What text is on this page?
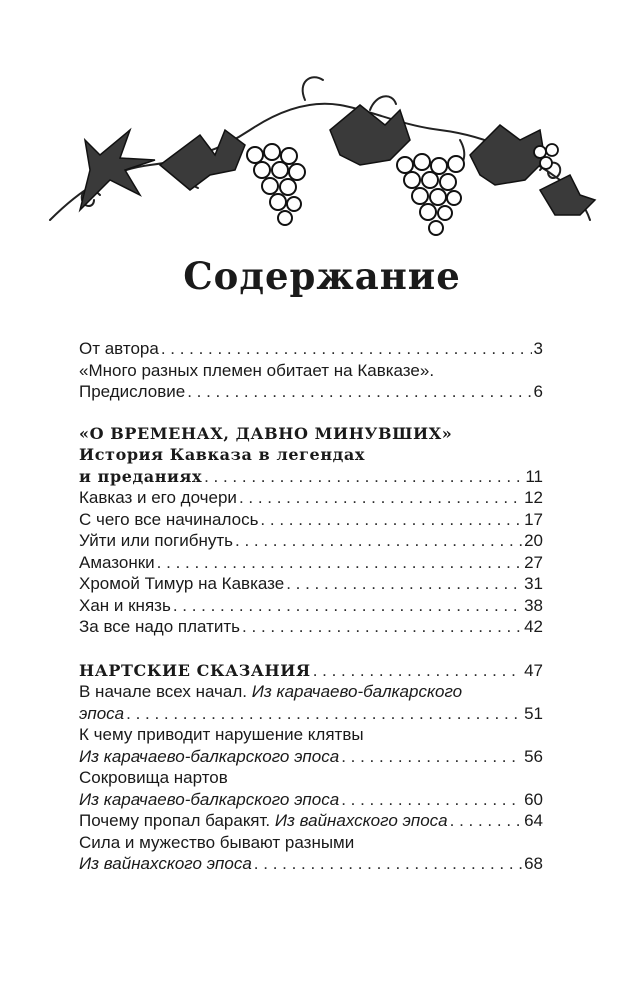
Содержание
От автора . . .	3
«Много разных племен обитает на Кавказе».
Предисловие . . .	6
«О ВРЕМЕНАХ, ДАВНО МИНУВШИХ»
История Кавказа в легендах
и преданиях . . .	11
Кавказ и его дочери . . .	12
С чего все начиналось . . .	17
Уйти или погибнуть . . .	20
Амазонки . . .	27
Хромой Тимур на Кавказе . . .	31
Хан и князь . . .	38
За все надо платить . . .	42
НАРТСКИЕ СКАЗАНИЯ . . .	47
В начале всех начал. Из карачаево-балкарского
эпоса . . .	51
К чему приводит нарушение клятвы
Из карачаево-балкарского эпоса . . .	56
Сокровища нартов
Из карачаево-балкарского эпоса . . .	60
Почему пропал баракят. Из вайнахского эпоса . . .	64
Сила и мужество бывают разными
Из вайнахского эпоса . . .	68
